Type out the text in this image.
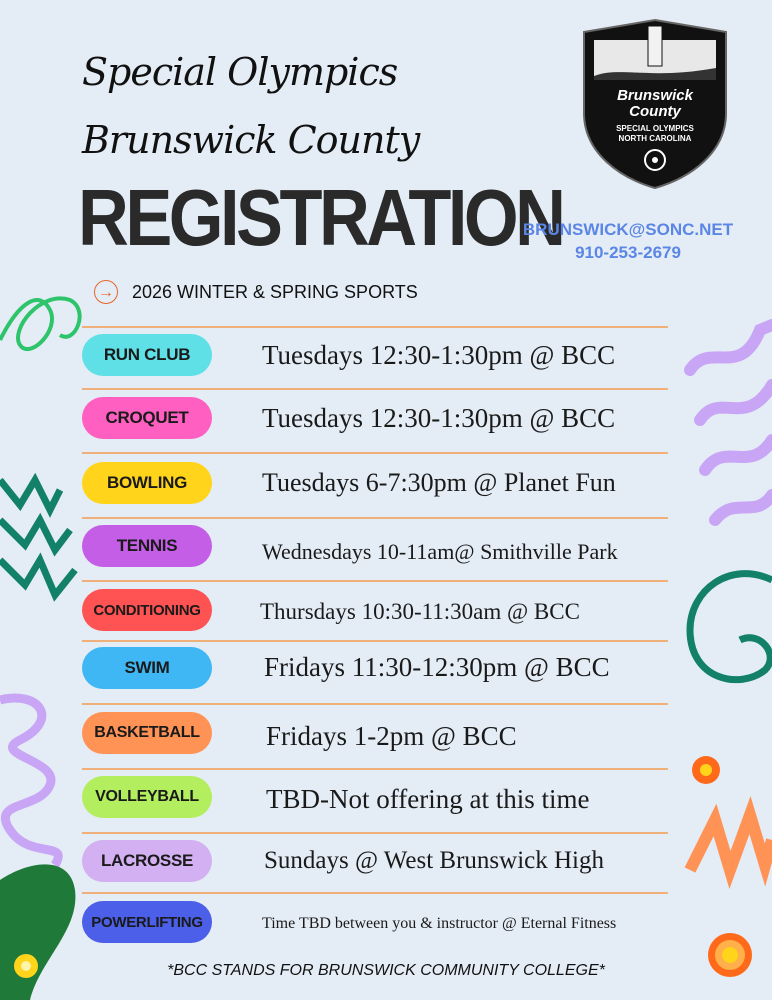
Special Olympics
Brunswick County
REGISTRATION
BRUNSWICK@SONC.NET
910-253-2679
→ 2026 WINTER & SPRING SPORTS
Brunswick
County
SPECIAL OLYMPICS
NORTH CAROLINA
RUN CLUB	Tuesdays 12:30-1:30pm @ BCC
CROQUET	Tuesdays 12:30-1:30pm @ BCC
BOWLING	Tuesdays 6-7:30pm @ Planet Fun
TENNIS	Wednesdays 10-11am@ Smithville Park
CONDITIONING	Thursdays 10:30-11:30am @ BCC
SWIM	Fridays 11:30-12:30pm @ BCC
BASKETBALL	Fridays 1-2pm @ BCC
VOLLEYBALL	TBD-Not offering at this time
LACROSSE	Sundays @ West Brunswick High
POWERLIFTING	Time TBD between you & instructor @ Eternal Fitness
*BCC STANDS FOR BRUNSWICK COMMUNITY COLLEGE*
